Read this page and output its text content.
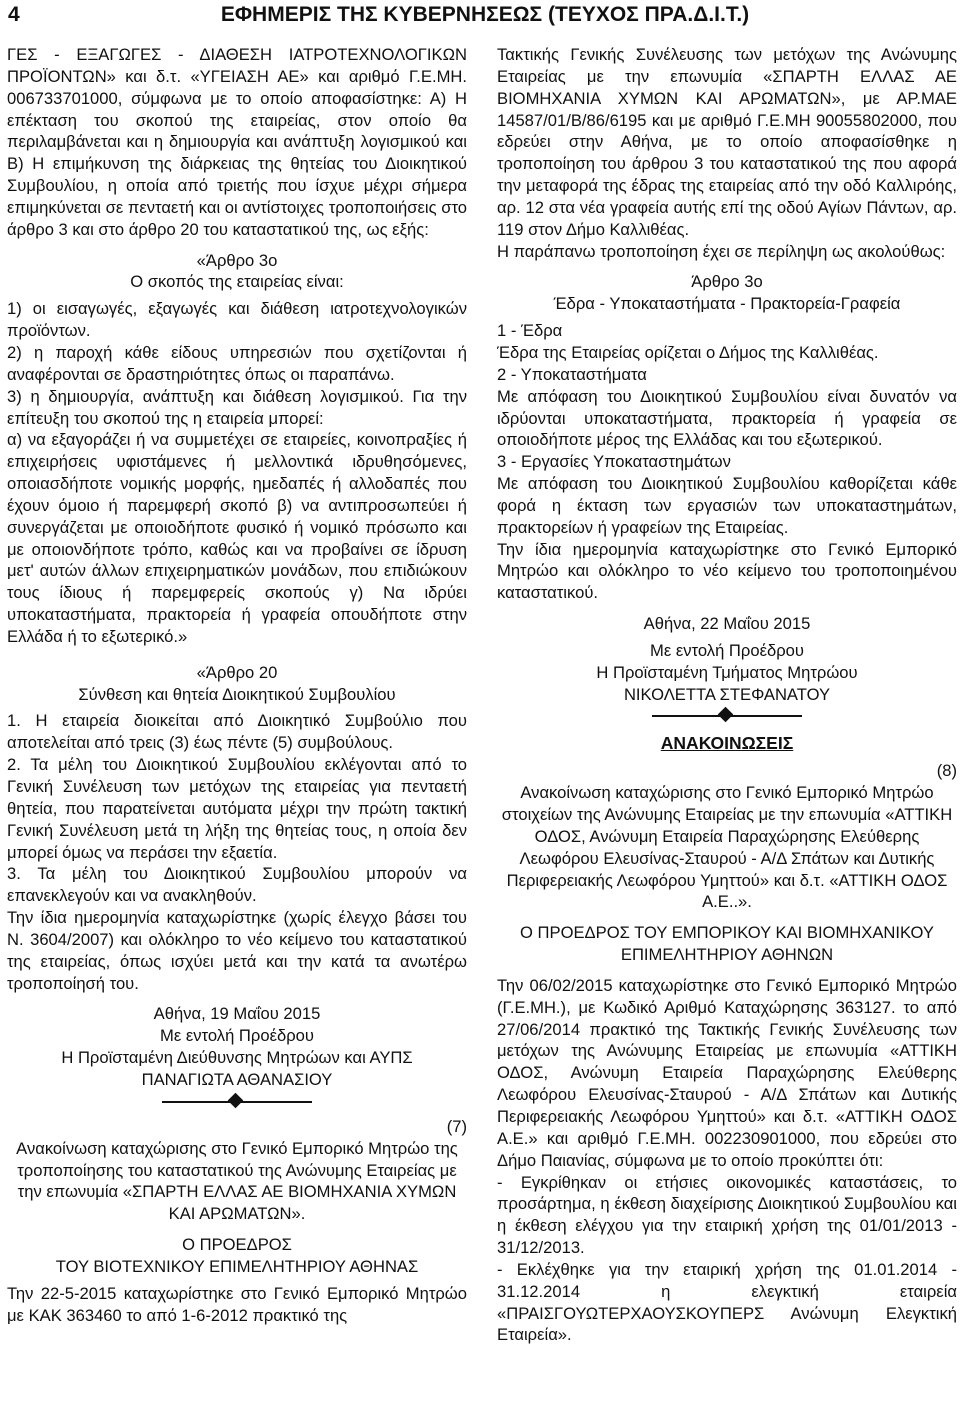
4	ΕΦΗΜΕΡΙΣ ΤΗΣ ΚΥΒΕΡΝΗΣΕΩΣ (ΤΕΥΧΟΣ ΠΡΑ.Δ.Ι.Τ.)

ΓΕΣ - ΕΞΑΓΩΓΕΣ - ΔΙΑΘΕΣΗ ΙΑΤΡΟΤΕΧΝΟΛΟΓΙΚΩΝ ΠΡΟΪΟΝΤΩΝ» και δ.τ. «ΥΓΕΙΑΣΗ ΑΕ» και αριθμό Γ.Ε.ΜΗ. 006733701000, σύμφωνα με το οποίο αποφασίστηκε: Α) Η επέκταση του σκοπού της εταιρείας, στον οποίο θα περιλαμβάνεται και η δημιουργία και ανάπτυξη λογισμικού και Β) Η επιμήκυνση της διάρκειας της θητείας του Διοικητικού Συμβουλίου, η οποία από τριετής που ίσχυε μέχρι σήμερα επιμηκύνεται σε πενταετή και οι αντίστοιχες τροποποιήσεις στο άρθρο 3 και στο άρθρο 20 του καταστατικού της, ως εξής:

«Άρθρο 3ο

Ο σκοπός της εταιρείας είναι:

1) οι εισαγωγές, εξαγωγές και διάθεση ιατροτεχνολογικών προϊόντων.

2) η παροχή κάθε είδους υπηρεσιών που σχετίζονται ή αναφέρονται σε δραστηριότητες όπως οι παραπάνω.

3) η δημιουργία, ανάπτυξη και διάθεση λογισμικού. Για την επίτευξη του σκοπού της η εταιρεία μπορεί:

α) να εξαγοράζει ή να συμμετέχει σε εταιρείες, κοινοπραξίες ή επιχειρήσεις υφιστάμενες ή μελλοντικά ιδρυθησόμενες, οποιασδήποτε νομικής μορφής, ημεδαπές ή αλλοδαπές που έχουν όμοιο ή παρεμφερή σκοπό β) να αντιπροσωπεύει ή συνεργάζεται με οποιοδήποτε φυσικό ή νομικό πρόσωπο και με οποιονδήποτε τρόπο, καθώς και να προβαίνει σε ίδρυση μετ' αυτών άλλων επιχειρηματικών μονάδων, που επιδιώκουν τους ίδιους ή παρεμφερείς σκοπούς γ) Να ιδρύει υποκαταστήματα, πρακτορεία ή γραφεία οπουδήποτε στην Ελλάδα ή το εξωτερικό.»

«Άρθρο 20

Σύνθεση και θητεία Διοικητικού Συμβουλίου

1. Η εταιρεία διοικείται από Διοικητικό Συμβούλιο που αποτελείται από τρεις (3) έως πέντε (5) συμβούλους.

2. Τα μέλη του Διοικητικού Συμβουλίου εκλέγονται από το Γενική Συνέλευση των μετόχων της εταιρείας για πενταετή θητεία, που παρατείνεται αυτόματα μέχρι την πρώτη τακτική Γενική Συνέλευση μετά τη λήξη της θητείας τους, η οποία δεν μπορεί όμως να περάσει την εξαετία.

3. Τα μέλη του Διοικητικού Συμβουλίου μπορούν να επανεκλεγούν και να ανακληθούν.

Την ίδια ημερομηνία καταχωρίστηκε (χωρίς έλεγχο βάσει του Ν. 3604/2007) και ολόκληρο το νέο κείμενο του καταστατικού της εταιρείας, όπως ισχύει μετά και την κατά τα ανωτέρω τροποποίησή του.

Αθήνα, 19 Μαΐου 2015

Με εντολή Προέδρου

Η Προϊσταμένη Διεύθυνσης Μητρώων και ΑΥΠΣ

ΠΑΝΑΓΙΩΤΑ ΑΘΑΝΑΣΙΟΥ

(7)

Ανακοίνωση καταχώρισης στο Γενικό Εμπορικό Μητρώο της τροποποίησης του καταστατικού της Ανώνυμης Εταιρείας με την επωνυμία «ΣΠΑΡΤΗ ΕΛΛΑΣ ΑΕ ΒΙΟΜΗΧΑΝΙΑ ΧΥΜΩΝ ΚΑΙ ΑΡΩΜΑΤΩΝ».

Ο ΠΡΟΕΔΡΟΣ

ΤΟΥ ΒΙΟΤΕΧΝΙΚΟΥ ΕΠΙΜΕΛΗΤΗΡΙΟΥ ΑΘΗΝΑΣ

Την 22-5-2015 καταχωρίστηκε στο Γενικό Εμπορικό Μητρώο με ΚΑΚ 363460 το από 1-6-2012 πρακτικό της

Τακτικής Γενικής Συνέλευσης των μετόχων της Ανώνυμης Εταιρείας με την επωνυμία «ΣΠΑΡΤΗ ΕΛΛΑΣ ΑΕ ΒΙΟΜΗΧΑΝΙΑ ΧΥΜΩΝ ΚΑΙ ΑΡΩΜΑΤΩΝ», με ΑΡ.ΜΑΕ 14587/01/Β/86/6195 και με αριθμό Γ.Ε.ΜΗ 90055802000, που εδρεύει στην Αθήνα, με το οποίο αποφασίσθηκε η τροποποίηση του άρθρου 3 του καταστατικού της που αφορά την μεταφορά της έδρας της εταιρείας από την οδό Καλλιρόης, αρ. 12 στα νέα γραφεία αυτής επί της οδού Αγίων Πάντων, αρ. 119 στον Δήμο Καλλιθέας.

Η παράπανω τροποποίηση έχει σε περίληψη ως ακολούθως:

Άρθρο 3ο

Έδρα - Υποκαταστήματα - Πρακτορεία-Γραφεία

1 - Έδρα

Έδρα της Εταιρείας ορίζεται ο Δήμος της Καλλιθέας.

2 - Υποκαταστήματα

Με απόφαση του Διοικητικού Συμβουλίου είναι δυνατόν να ιδρύονται υποκαταστήματα, πρακτορεία ή γραφεία σε οποιοδήποτε μέρος της Ελλάδας και του εξωτερικού.

3 - Εργασίες Υποκαταστημάτων

Με απόφαση του Διοικητικού Συμβουλίου καθορίζεται κάθε φορά η έκταση των εργασιών των υποκαταστημάτων, πρακτορείων ή γραφείων της Εταιρείας.

Την ίδια ημερομηνία καταχωρίστηκε στο Γενικό Εμπορικό Μητρώο και ολόκληρο το νέο κείμενο του τροποποιημένου καταστατικού.

Αθήνα, 22 Μαΐου 2015

Με εντολή Προέδρου

Η Προϊσταμένη Τμήματος Μητρώου

ΝΙΚΟΛΕΤΤΑ ΣΤΕΦΑΝΑΤΟΥ

ΑΝΑΚΟΙΝΩΣΕΙΣ

(8)

Ανακοίνωση καταχώρισης στο Γενικό Εμπορικό Μητρώο στοιχείων της Ανώνυμης Εταιρείας με την επωνυμία «ΑΤΤΙΚΗ ΟΔΟΣ, Ανώνυμη Εταιρεία Παραχώρησης Ελεύθερης Λεωφόρου Ελευσίνας-Σταυρού - Α/Δ Σπάτων και Δυτικής Περιφερειακής Λεωφόρου Υμηττού» και δ.τ. «ΑΤΤΙΚΗ ΟΔΟΣ Α.Ε..».

Ο ΠΡΟΕΔΡΟΣ ΤΟΥ ΕΜΠΟΡΙΚΟΥ ΚΑΙ ΒΙΟΜΗΧΑΝΙΚΟΥ

ΕΠΙΜΕΛΗΤΗΡΙΟΥ ΑΘΗΝΩΝ

Την 06/02/2015 καταχωρίστηκε στο Γενικό Εμπορικό Μητρώο (Γ.Ε.ΜΗ.), με Κωδικό Αριθμό Καταχώρησης 363127. το από 27/06/2014 πρακτικό της Τακτικής Γενικής Συνέλευσης των μετόχων της Ανώνυμης Εταιρείας με επωνυμία «ΑΤΤΙΚΗ ΟΔΟΣ, Ανώνυμη Εταιρεία Παραχώρησης Ελεύθερης Λεωφόρου Ελευσίνας-Σταυρού - Α/Δ Σπάτων και Δυτικής Περιφερειακής Λεωφόρου Υμηττού» και δ.τ. «ΑΤΤΙΚΗ ΟΔΟΣ Α.Ε.» και αριθμό Γ.Ε.ΜΗ. 002230901000, που εδρεύει στο Δήμο Παιανίας, σύμφωνα με το οποίο προκύπτει ότι:

- Εγκρίθηκαν οι ετήσιες οικονομικές καταστάσεις, το προσάρτημα, η έκθεση διαχείρισης Διοικητικού Συμβουλίου και η έκθεση ελέγχου για την εταιρική χρήση της 01/01/2013 - 31/12/2013.

- Εκλέχθηκε για την εταιρική χρήση της 01.01.2014 - 31.12.2014 η ελεγκτική εταιρεία «ΠΡΑΙΣΓΟΥΩΤΕΡΧΑΟΥΣΚΟΥΠΕΡΣ Ανώνυμη Ελεγκτική Εταιρεία».
